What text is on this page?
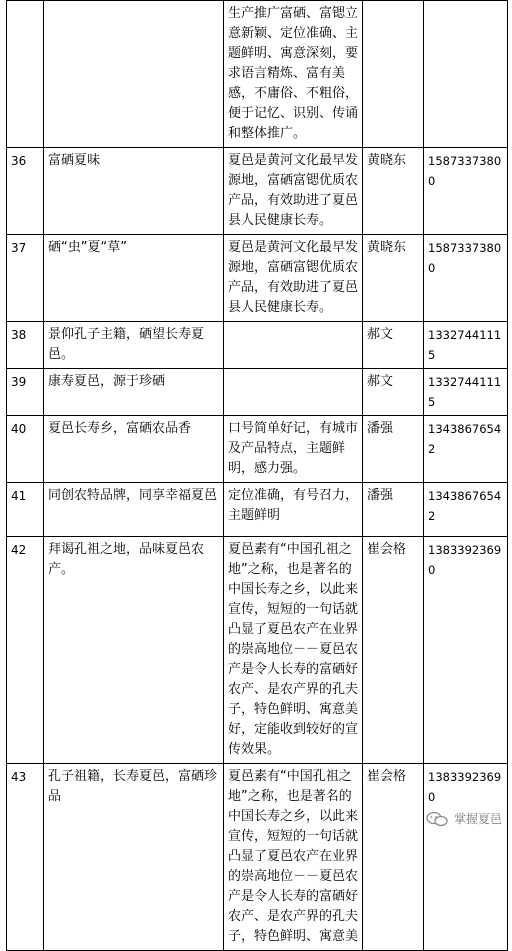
		生产推广富硒、富锶立意新颖、定位准确、主题鲜明、寓意深刻，要求语言精炼、富有美感，不庸俗、不粗俗，便于记忆、识别、传诵和整体推广。		
36	富硒夏味	夏邑是黄河文化最早发源地，富硒富锶优质农产品，有效助进了夏邑县人民健康长寿。	黄晓东	15873373800
37	硒“虫”夏“草”	夏邑是黄河文化最早发源地，富硒富锶优质农产品，有效助进了夏邑县人民健康长寿。	黄晓东	15873373800
38	景仰孔子主籍，硒望长寿夏邑。		郝文	13327441115
39	康寿夏邑，源于珍硒		郝文	13327441115
40	夏邑长寿乡，富硒农品香	口号简单好记，有城市及产品特点，主题鲜明，感力强。	潘强	13438676542
41	同创农特品牌，同享幸福夏邑	定位准确，有号召力，主题鲜明	潘强	13438676542
42	拜谒孔祖之地，品味夏邑农产。	夏邑素有“中国孔祖之地”之称，也是著名的中国长寿之乡，以此来宣传，短短的一句话就凸显了夏邑农产在业界的崇高地位－－夏邑农产是令人长寿的富硒好农产、是农产界的孔夫子，特色鲜明、寓意美好，定能收到较好的宣传效果。	崔会格	13833923690
43	孔子祖籍，长寿夏邑，富硒珍品	夏邑素有“中国孔祖之地”之称，也是著名的中国长寿之乡，以此来宣传，短短的一句话就凸显了夏邑农产在业界的崇高地位－－夏邑农产是令人长寿的富硒好农产、是农产界的孔夫子，特色鲜明、寓意美	崔会格	13833923690
掌握夏邑
